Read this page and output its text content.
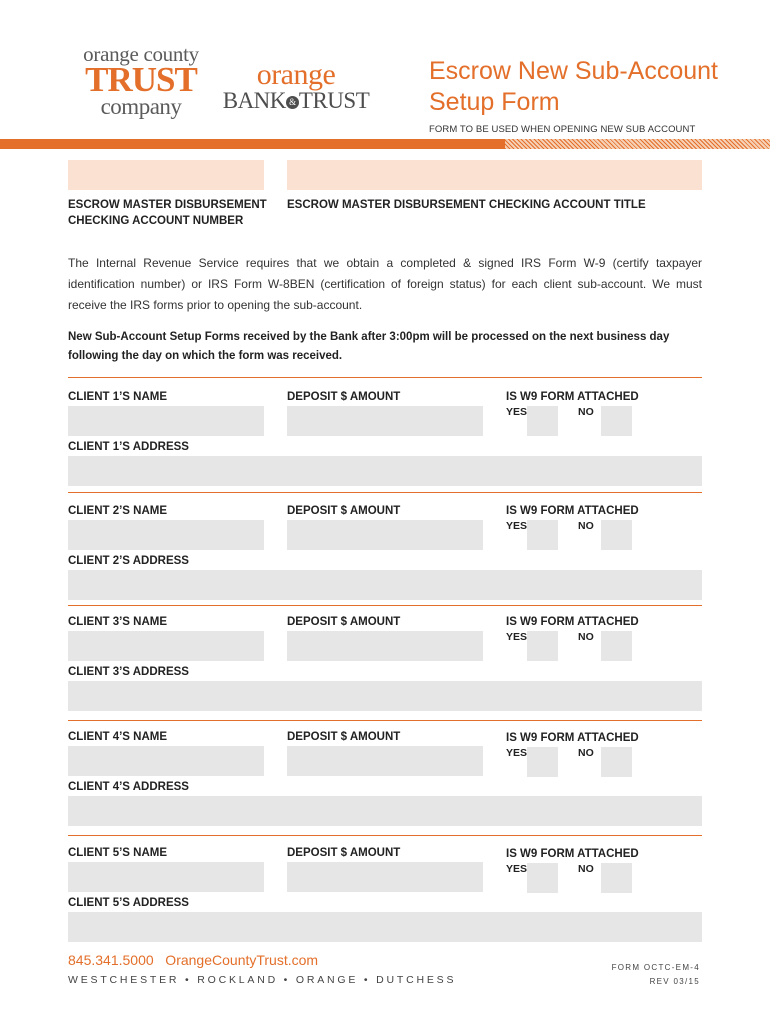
orange county
TRUST
company
orange
BANK & TRUST
Escrow New Sub-Account
Setup Form
FORM TO BE USED WHEN OPENING NEW SUB ACCOUNT
ESCROW MASTER DISBURSEMENT
CHECKING ACCOUNT NUMBER
ESCROW MASTER DISBURSEMENT CHECKING ACCOUNT TITLE
The Internal Revenue Service requires that we obtain a completed & signed IRS Form W-9 (certify taxpayer identification number) or IRS Form W-8BEN (certification of foreign status) for each client sub-account. We must receive the IRS forms prior to opening the sub-account.
New Sub-Account Setup Forms received by the Bank after 3:00pm will be processed on the next business day following the day on which the form was received.
CLIENT 1’S NAME	DEPOSIT $ AMOUNT	IS W9 FORM ATTACHED
YES	NO
CLIENT 1’S ADDRESS
CLIENT 2’S NAME	DEPOSIT $ AMOUNT	IS W9 FORM ATTACHED
YES	NO
CLIENT 2’S ADDRESS
CLIENT 3’S NAME	DEPOSIT $ AMOUNT	IS W9 FORM ATTACHED
YES	NO
CLIENT 3’S ADDRESS
CLIENT 4’S NAME	DEPOSIT $ AMOUNT	IS W9 FORM ATTACHED
YES	NO
CLIENT 4’S ADDRESS
CLIENT 5’S NAME	DEPOSIT $ AMOUNT	IS W9 FORM ATTACHED
YES	NO
CLIENT 5’S ADDRESS
845.341.5000   OrangeCountyTrust.com
WESTCHESTER • ROCKLAND • ORANGE • DUTCHESS
FORM OCTC-EM-4
REV 03/15
